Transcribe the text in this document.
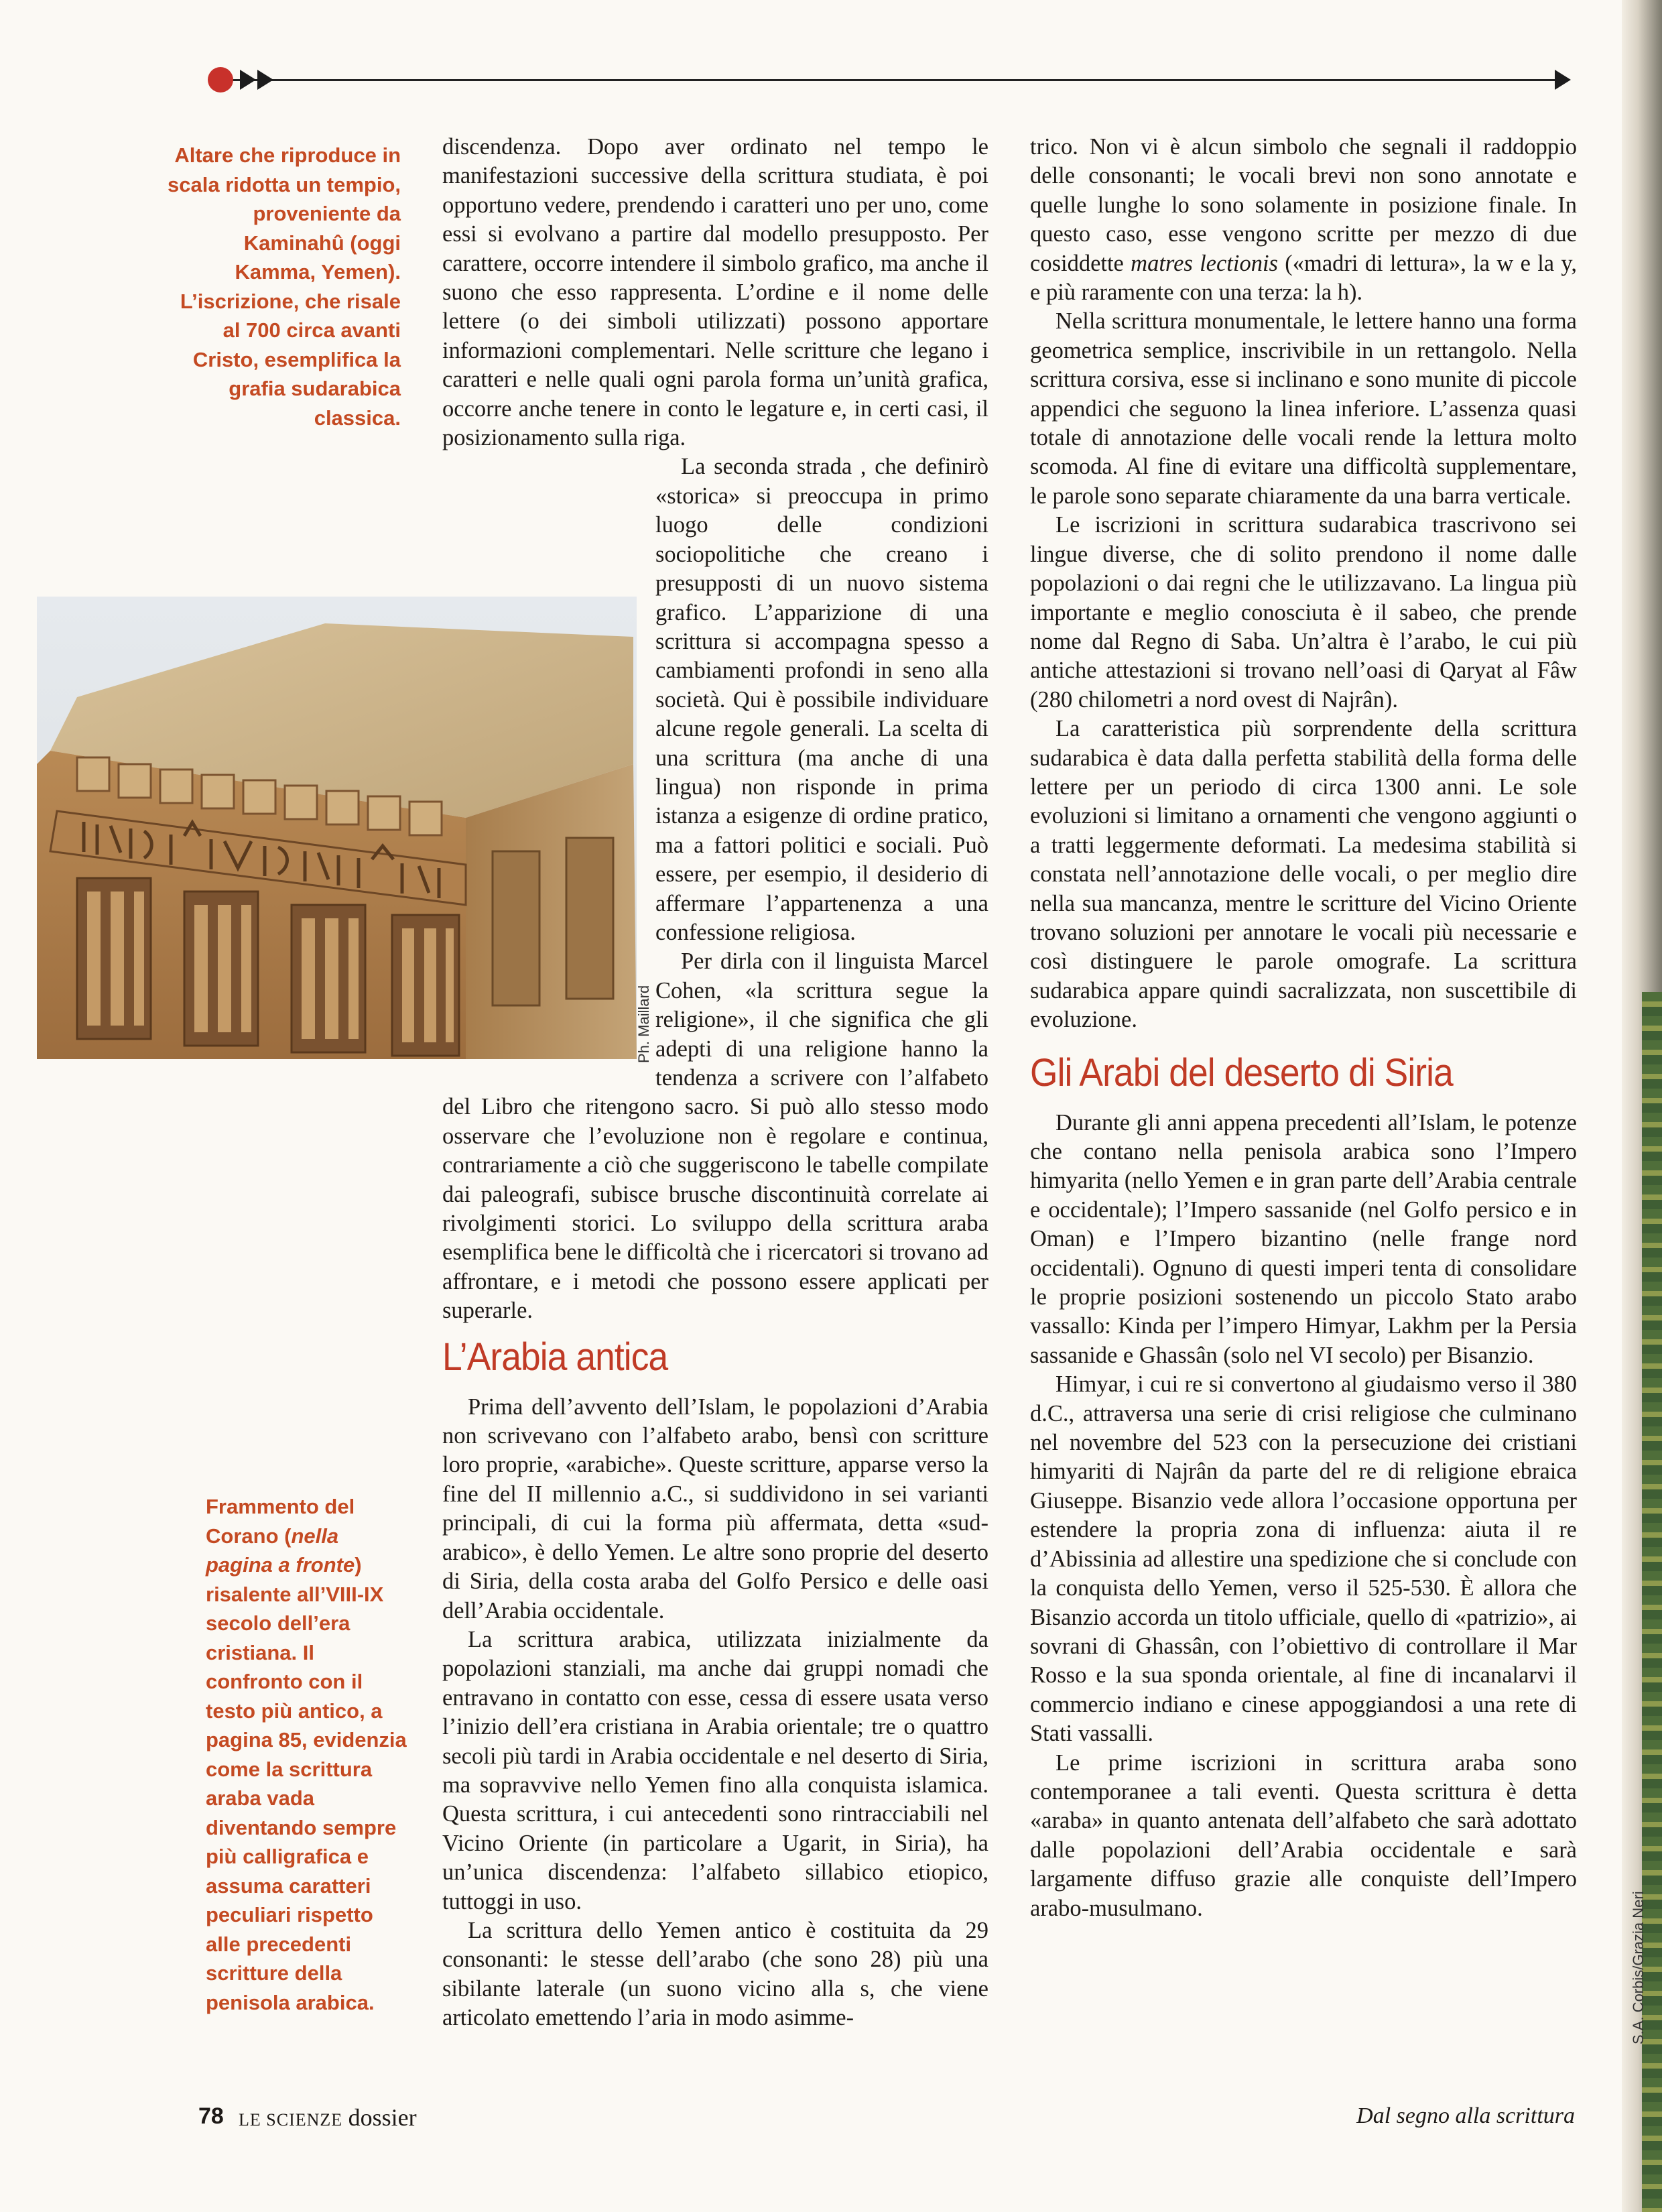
Altare che riproduce in scala ridotta un tempio, proveniente da Kaminahû (oggi Kamma, Yemen). L’iscrizione, che risale al 700 circa avanti Cristo, esemplifica la grafia sudarabica classica.
Ph. Maillard
Frammento del Corano (nella pagina a fronte) risalente all’VIII-IX secolo dell’era cristiana. Il confronto con il testo più antico, a pagina 85, evidenzia come la scrittura araba vada diventando sempre più calligrafica e assuma caratteri peculiari rispetto alle precedenti scritture della penisola arabica.

discendenza. Dopo aver ordinato nel tempo le manifestazioni successive della scrittura studiata, è poi opportuno vedere, prendendo i caratteri uno per uno, come essi si evolvano a partire dal modello presupposto. Per carattere, occorre intendere il simbolo grafico, ma anche il suono che esso rappresenta. L’ordine e il nome delle lettere (o dei simboli utilizzati) possono apportare informazioni complementari. Nelle scritture che legano i caratteri e nelle quali ogni parola forma un’unità grafica, occorre anche tenere in conto le legature e, in certi casi, il posizionamento sulla riga.

La seconda strada , che definirò «storica» si preoccupa in primo luogo delle condizioni sociopolitiche che creano i presupposti di un nuovo sistema grafico. L’apparizione di una scrittura si accompagna spesso a cambiamenti profondi in seno alla società. Qui è possibile individuare alcune regole generali. La scelta di una scrittura (ma anche di una lingua) non risponde in prima istanza a esigenze di ordine pratico, ma a fattori politici e sociali. Può essere, per esempio, il desiderio di affermare l’appartenenza a una confessione religiosa.

Per dirla con il linguista Marcel Cohen, «la scrittura segue la religione», il che significa che gli adepti di una religione hanno la tendenza a scrivere con l’alfabeto del Libro che ritengono sacro. Si può allo stesso modo osservare che l’evoluzione non è regolare e continua, contrariamente a ciò che suggeriscono le tabelle compilate dai paleografi, subisce brusche discontinuità correlate ai rivolgimenti storici. Lo sviluppo della scrittura araba esemplifica bene le difficoltà che i ricercatori si trovano ad affrontare, e i metodi che possono essere applicati per superarle.

L’Arabia antica

Prima dell’avvento dell’Islam, le popolazioni d’Arabia non scrivevano con l’alfabeto arabo, bensì con scritture loro proprie, «arabiche». Queste scritture, apparse verso la fine del II millennio a.C., si suddividono in sei varianti principali, di cui la forma più affermata, detta «sud-arabico», è dello Yemen. Le altre sono proprie del deserto di Siria, della costa araba del Golfo Persico e delle oasi dell’Arabia occidentale.

La scrittura arabica, utilizzata inizialmente da popolazioni stanziali, ma anche dai gruppi nomadi che entravano in contatto con esse, cessa di essere usata verso l’inizio dell’era cristiana in Arabia orientale; tre o quattro secoli più tardi in Arabia occidentale e nel deserto di Siria, ma sopravvive nello Yemen fino alla conquista islamica. Questa scrittura, i cui antecedenti sono rintracciabili nel Vicino Oriente (in particolare a Ugarit, in Siria), ha un’unica discendenza: l’alfabeto sillabico etiopico, tuttoggi in uso.

La scrittura dello Yemen antico è costituita da 29 consonanti: le stesse dell’arabo (che sono 28) più una sibilante laterale (un suono vicino alla s, che viene articolato emettendo l’aria in modo asimme-

trico. Non vi è alcun simbolo che segnali il raddoppio delle consonanti; le vocali brevi non sono annotate e quelle lunghe lo sono solamente in posizione finale. In questo caso, esse vengono scritte per mezzo di due cosiddette matres lectionis («madri di lettura», la w e la y, e più raramente con una terza: la h).

Nella scrittura monumentale, le lettere hanno una forma geometrica semplice, inscrivibile in un rettangolo. Nella scrittura corsiva, esse si inclinano e sono munite di piccole appendici che seguono la linea inferiore. L’assenza quasi totale di annotazione delle vocali rende la lettura molto scomoda. Al fine di evitare una difficoltà supplementare, le parole sono separate chiaramente da una barra verticale.

Le iscrizioni in scrittura sudarabica trascrivono sei lingue diverse, che di solito prendono il nome dalle popolazioni o dai regni che le utilizzavano. La lingua più importante e meglio conosciuta è il sabeo, che prende nome dal Regno di Saba. Un’altra è l’arabo, le cui più antiche attestazioni si trovano nell’oasi di Qaryat al Fâw (280 chilometri a nord ovest di Najrân).

La caratteristica più sorprendente della scrittura sudarabica è data dalla perfetta stabilità della forma delle lettere per un periodo di circa 1300 anni. Le sole evoluzioni si limitano a ornamenti che vengono aggiunti o a tratti leggermente deformati. La medesima stabilità si constata nell’annotazione delle vocali, o per meglio dire nella sua mancanza, mentre le scritture del Vicino Oriente trovano soluzioni per annotare le vocali più necessarie e così distinguere le parole omografe. La scrittura sudarabica appare quindi sacralizzata, non suscettibile di evoluzione.

Gli Arabi del deserto di Siria

Durante gli anni appena precedenti all’Islam, le potenze che contano nella penisola arabica sono l’Impero himyarita (nello Yemen e in gran parte dell’Arabia centrale e occidentale); l’Impero sassanide (nel Golfo persico e in Oman) e l’Impero bizantino (nelle frange nord occidentali). Ognuno di questi imperi tenta di consolidare le proprie posizioni sostenendo un piccolo Stato arabo vassallo: Kinda per l’impero Himyar, Lakhm per la Persia sassanide e Ghassân (solo nel VI secolo) per Bisanzio.

Himyar, i cui re si convertono al giudaismo verso il 380 d.C., attraversa una serie di crisi religiose che culminano nel novembre del 523 con la persecuzione dei cristiani himyariti di Najrân da parte del re di religione ebraica Giuseppe. Bisanzio vede allora l’occasione opportuna per estendere la propria zona di influenza: aiuta il re d’Abissinia ad allestire una spedizione che si conclude con la conquista dello Yemen, verso il 525-530. È allora che Bisanzio accorda un titolo ufficiale, quello di «patrizio», ai sovrani di Ghassân, con l’obiettivo di controllare il Mar Rosso e la sua sponda orientale, al fine di incanalarvi il commercio indiano e cinese appoggiandosi a una rete di Stati vassalli.

Le prime iscrizioni in scrittura araba sono contemporanee a tali eventi. Questa scrittura è detta «araba» in quanto antenata dell’alfabeto che sarà adottato dalle popolazioni dell’Arabia occidentale e sarà largamente diffuso grazie alle conquiste dell’Impero arabo-musulmano.	S.A. Corbis/Grazia Neri
78 LE SCIENZE dossier	Dal segno alla scrittura
